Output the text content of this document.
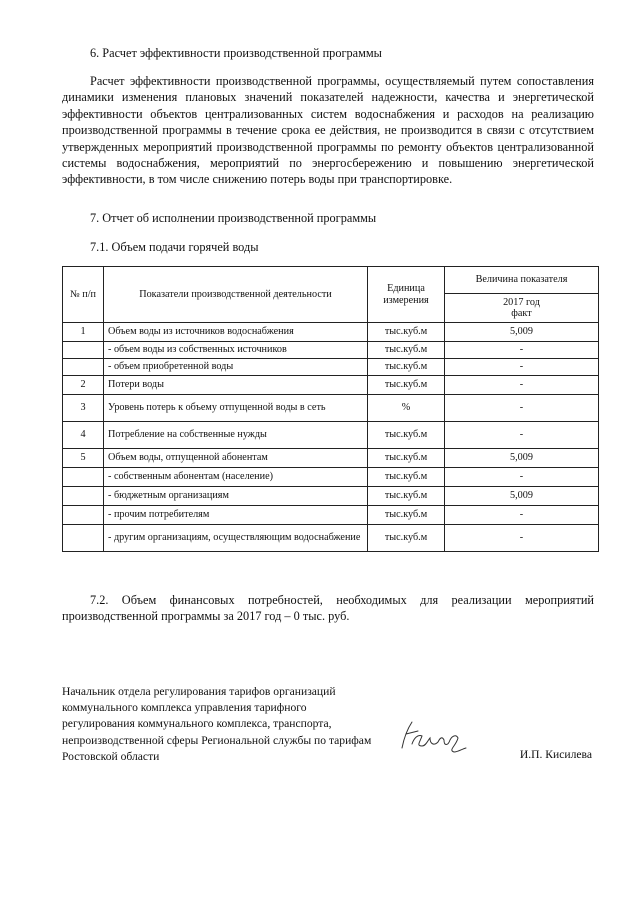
6. Расчет эффективности производственной программы
Расчет эффективности производственной программы, осуществляемый путем сопоставления динамики изменения плановых значений показателей надежности, качества и энергетической эффективности объектов централизованных систем водоснабжения и расходов на реализацию производственной программы в течение срока ее действия, не производится в связи с отсутствием утвержденных мероприятий производственной программы по ремонту объектов централизованной системы водоснабжения, мероприятий по энергосбережению и повышению энергетической эффективности, в том числе снижению потерь воды при транспортировке.
7. Отчет об исполнении производственной программы
7.1. Объем подачи горячей воды
№ п/п	Показатели производственной деятельности	Единица измерения	Величина показателя
			2017 год
факт
1	Объем воды из источников водоснабжения	тыс.куб.м	5,009
	- объем воды из собственных источников	тыс.куб.м	-
	- объем приобретенной воды	тыс.куб.м	-
2	Потери воды	тыс.куб.м	-
3	Уровень потерь к объему отпущенной воды в сеть	%	-
4	Потребление на собственные нужды	тыс.куб.м	-
5	Объем воды, отпущенной абонентам	тыс.куб.м	5,009
	- собственным абонентам (население)	тыс.куб.м	-
	- бюджетным организациям	тыс.куб.м	5,009
	- прочим потребителям	тыс.куб.м	-
	- другим организациям, осуществляющим водоснабжение	тыс.куб.м	-
7.2. Объем финансовых потребностей, необходимых для реализации мероприятий производственной программы за 2017 год – 0 тыс. руб.
Начальник отдела регулирования тарифов организаций коммунального комплекса управления тарифного регулирования коммунального комплекса, транспорта, непроизводственной сферы Региональной службы по тарифам Ростовской области	И.П. Кисилева
